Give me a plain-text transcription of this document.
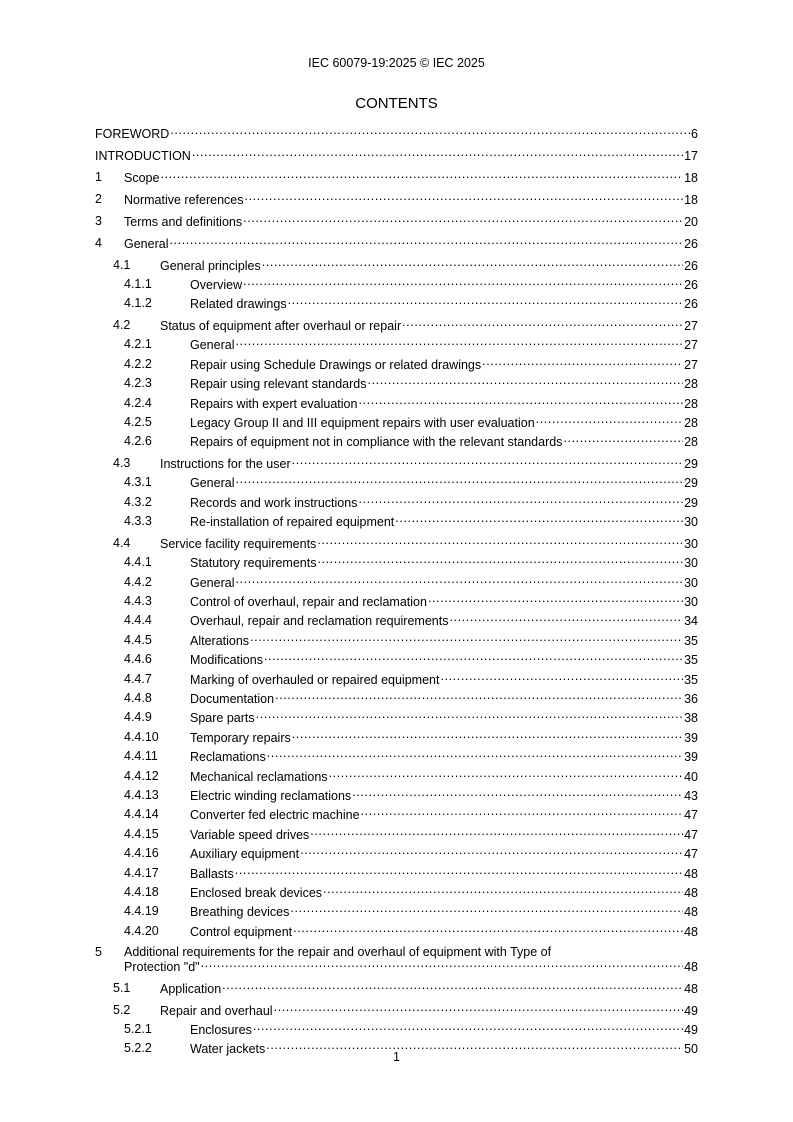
IEC 60079-19:2025 © IEC 2025
CONTENTS
FOREWORD .....	6
INTRODUCTION .....	17
1 Scope .....	18
2 Normative references .....	18
3 Terms and definitions .....	20
4 General .....	26
4.1 General principles .....	26
4.1.1	Overview .....	26
4.1.2	Related drawings .....	26
4.2 Status of equipment after overhaul or repair .....	27
4.2.1	General .....	27
4.2.2	Repair using Schedule Drawings or related drawings .....	27
4.2.3	Repair using relevant standards .....	28
4.2.4	Repairs with expert evaluation .....	28
4.2.5	Legacy Group II and III equipment repairs with user evaluation .....	28
4.2.6	Repairs of equipment not in compliance with the relevant standards .....	28
4.3 Instructions for the user .....	29
4.3.1	General .....	29
4.3.2	Records and work instructions .....	29
4.3.3	Re-installation of repaired equipment .....	30
4.4 Service facility requirements .....	30
4.4.1	Statutory requirements .....	30
4.4.2	General .....	30
4.4.3	Control of overhaul, repair and reclamation .....	30
4.4.4	Overhaul, repair and reclamation requirements .....	34
4.4.5	Alterations .....	35
4.4.6	Modifications .....	35
4.4.7	Marking of overhauled or repaired equipment .....	35
4.4.8	Documentation .....	36
4.4.9	Spare parts .....	38
4.4.10 Temporary repairs .....	39
4.4.11	Reclamations .....	39
4.4.12 Mechanical reclamations .....	40
4.4.13 Electric winding reclamations .....	43
4.4.14 Converter fed electric machine .....	47
4.4.15 Variable speed drives .....	47
4.4.16 Auxiliary equipment .....	47
4.4.17 Ballasts .....	48
4.4.18 Enclosed break devices .....	48
4.4.19 Breathing devices .....	48
4.4.20 Control equipment .....	48
5 Additional requirements for the repair and overhaul of equipment with Type of
Protection "d" .....	48
5.1 Application .....	48
5.2 Repair and overhaul .....	49
5.2.1	Enclosures .....	49
5.2.2	Water jackets .....	50
1
